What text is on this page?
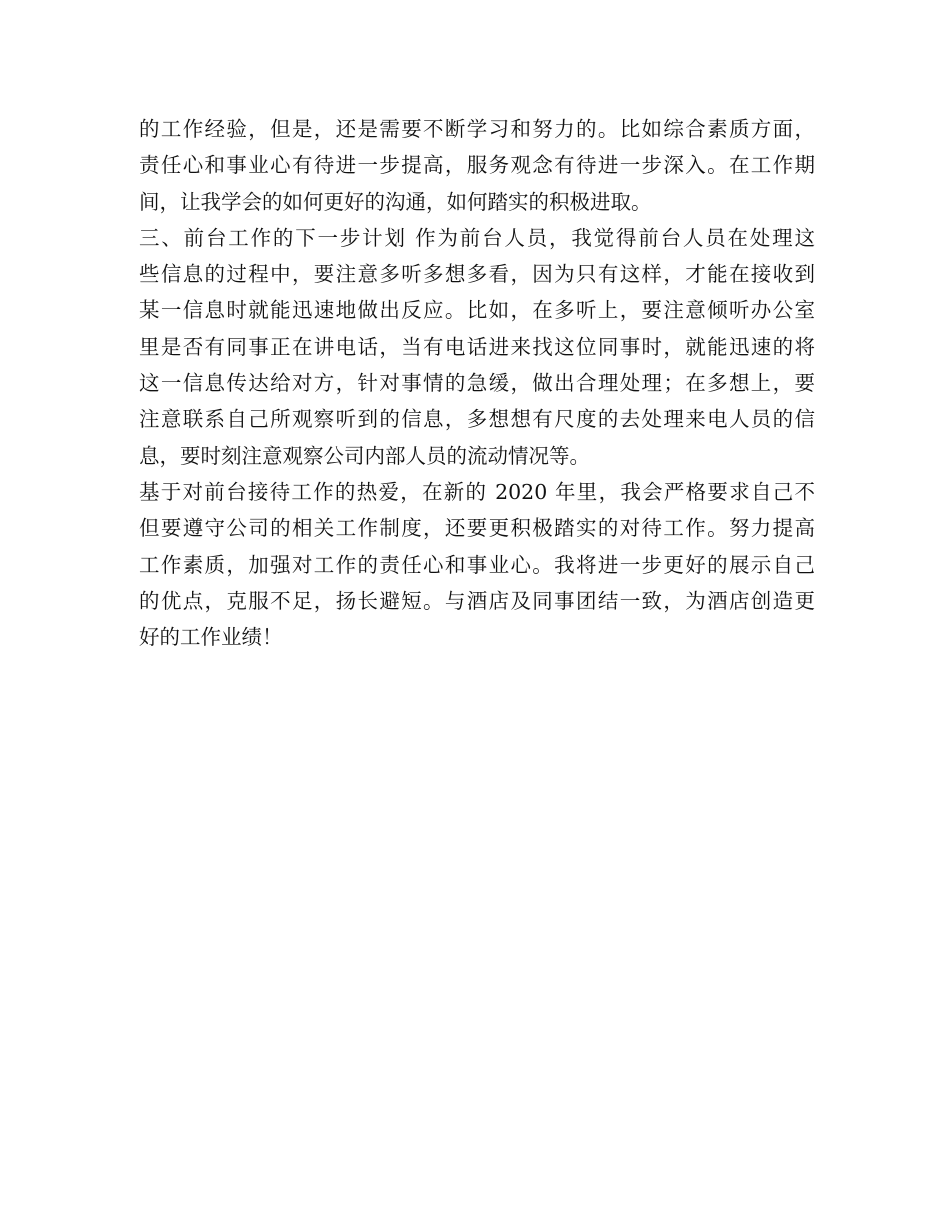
的工作经验，但是，还是需要不断学习和努力的。比如综合素质方面，
责任心和事业心有待进一步提高，服务观念有待进一步深入。在工作期
间，让我学会的如何更好的沟通，如何踏实的积极进取。
三、前台工作的下一步计划 作为前台人员，我觉得前台人员在处理这
些信息的过程中，要注意多听多想多看，因为只有这样，才能在接收到
某一信息时就能迅速地做出反应。比如，在多听上，要注意倾听办公室
里是否有同事正在讲电话，当有电话进来找这位同事时，就能迅速的将
这一信息传达给对方，针对事情的急缓，做出合理处理；在多想上，要
注意联系自己所观察听到的信息，多想想有尺度的去处理来电人员的信
息，要时刻注意观察公司内部人员的流动情况等。
基于对前台接待工作的热爱，在新的 2020 年里，我会严格要求自己不
但要遵守公司的相关工作制度，还要更积极踏实的对待工作。努力提高
工作素质，加强对工作的责任心和事业心。我将进一步更好的展示自己
的优点，克服不足，扬长避短。与酒店及同事团结一致，为酒店创造更
好的工作业绩！
